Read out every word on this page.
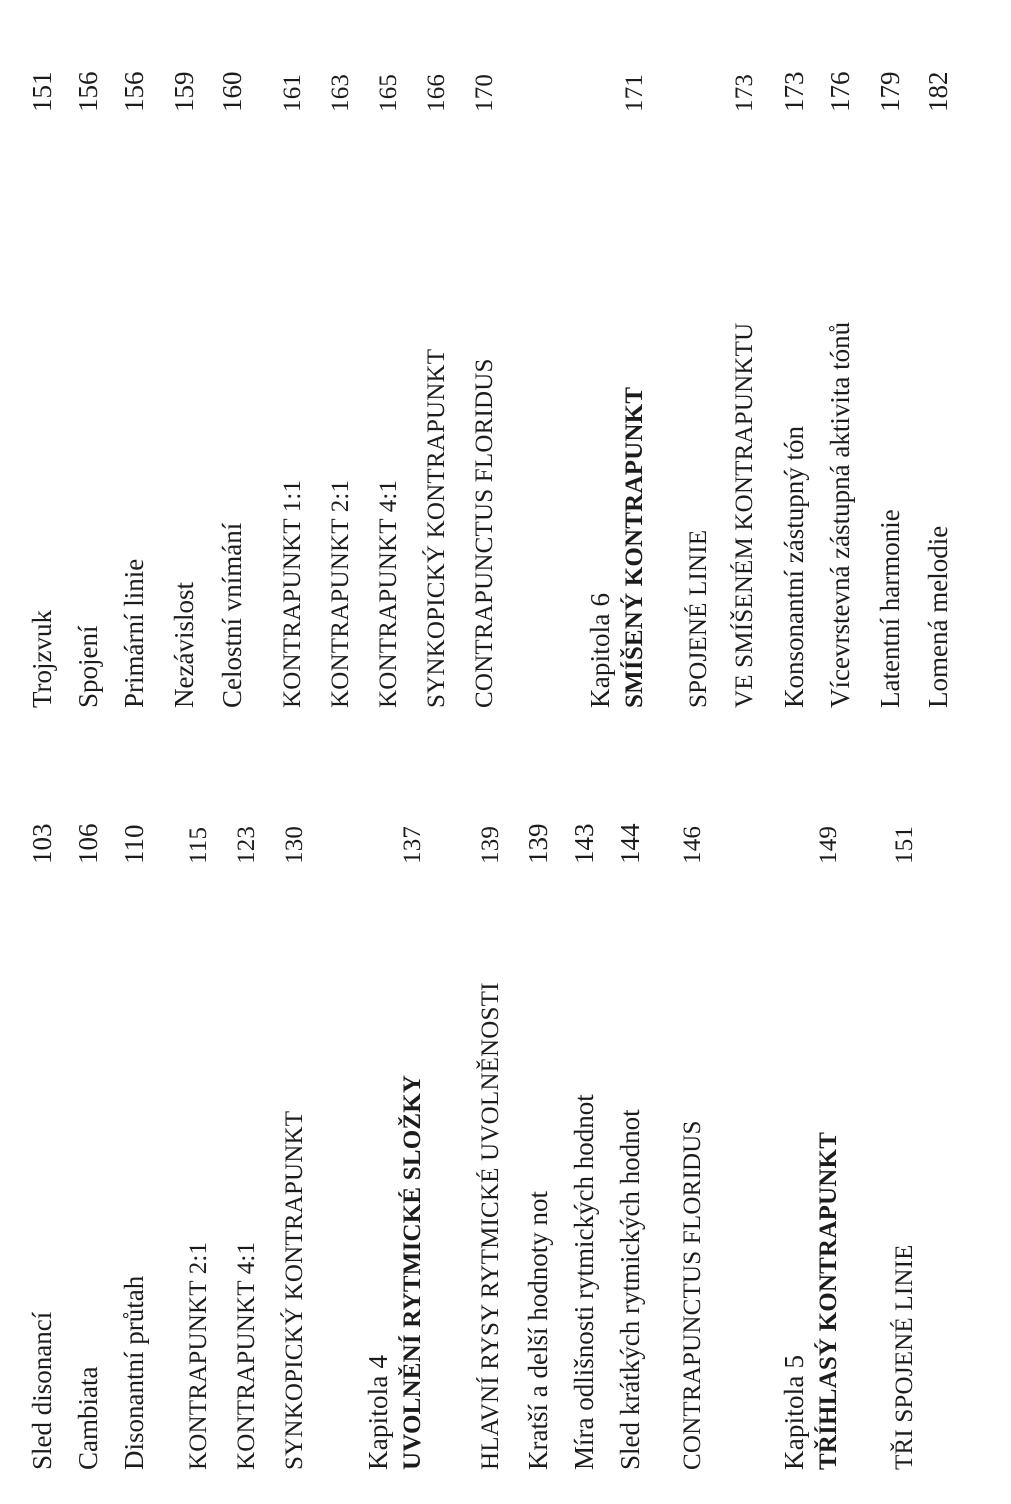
Sled disonancí
103
Cambiata
106
Disonantní průtah
110
KONTRAPUNKT 2:1
115
KONTRAPUNKT 4:1
123
SYNKOPICKÝ KONTRAPUNKT
130
Kapitola 4 UVOLNĚNÍ RYTMICKÉ SLOŽKY
137
HLAVNÍ RYSY RYTMICKÉ UVOLNĚNOSTI
139
Kratší a delší hodnoty not
139
Míra odlišnosti rytmických hodnot
143
Sled krátkých rytmických hodnot
144
CONTRAPUNCTUS FLORIDUS
146
Kapitola 5 TŘÍHLASÝ KONTRAPUNKT
149
TŘI SPOJENÉ LINIE
151
Trojzvuk
151
Spojení
156
Primární linie
156
Nezávislost
159
Celostní vnímání
160
KONTRAPUNKT 1:1
161
KONTRAPUNKT 2:1
163
KONTRAPUNKT 4:1
165
SYNKOPICKÝ KONTRAPUNKT
166
CONTRAPUNCTUS FLORIDUS
170
Kapitola 6 SMÍŠENÝ KONTRAPUNKT
171
SPOJENÉ LINIE VE SMÍŠENÉM KONTRAPUNKTU
173
Konsonantní zástupný tón
173
Vícevrstevná zástupná aktivita tónů
176
Latentní harmonie
179
Lomená melodie
182
